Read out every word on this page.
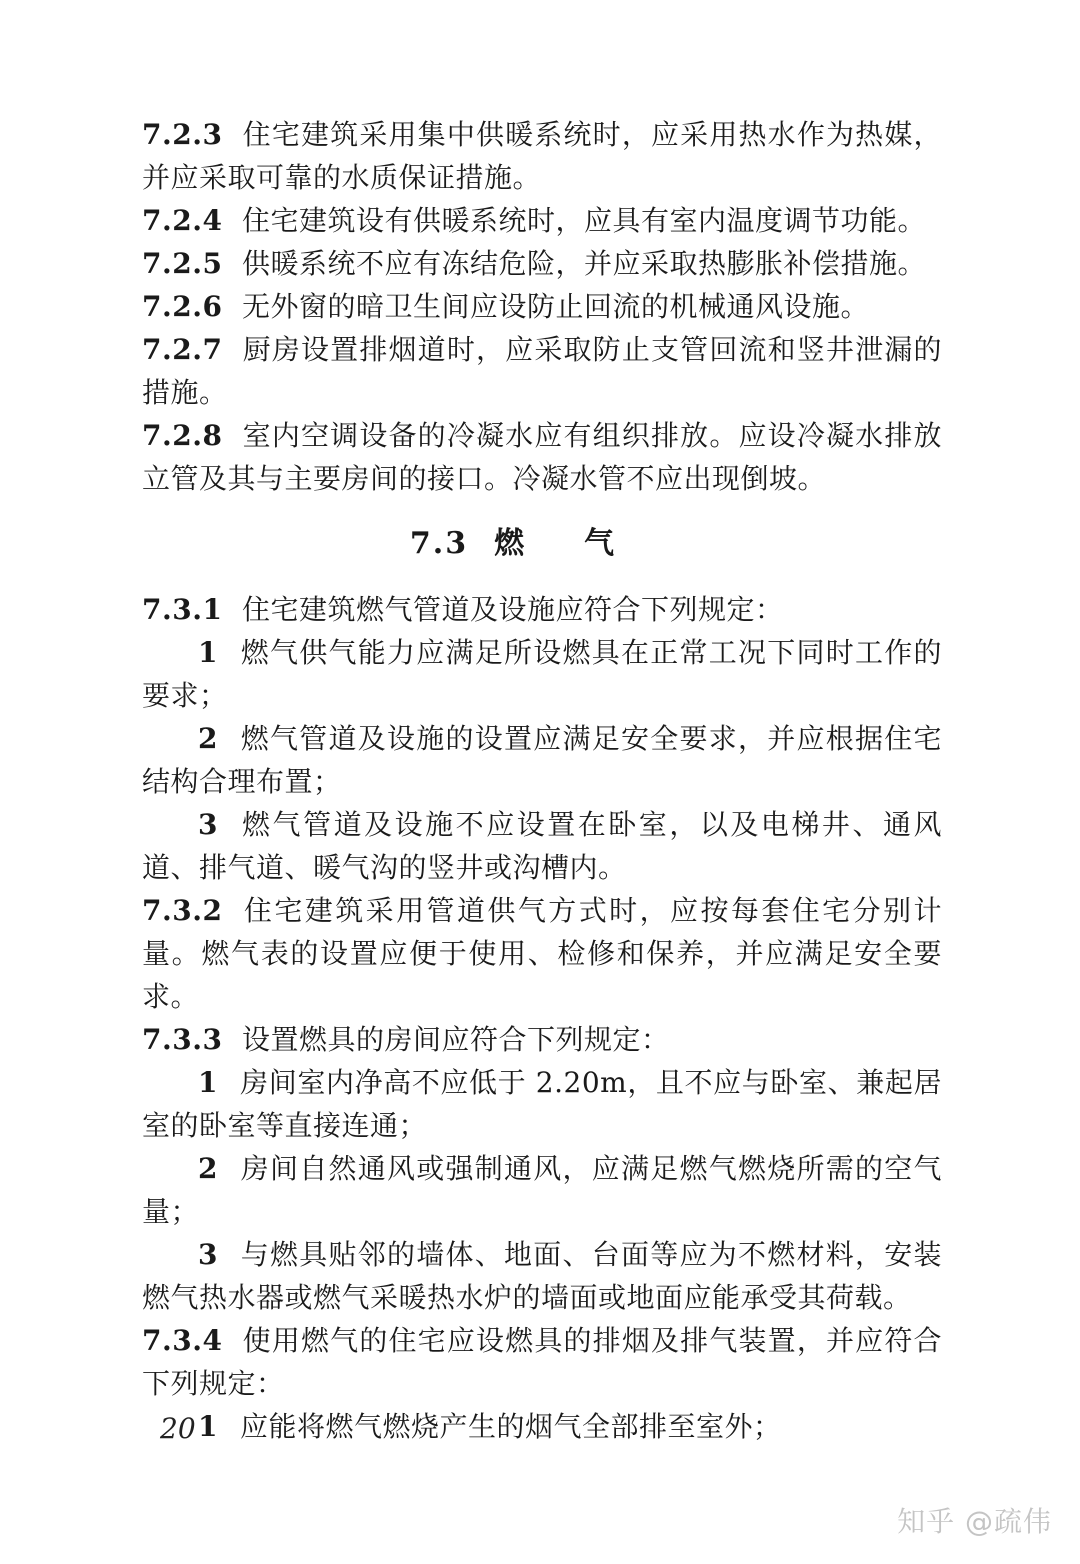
7.2.3 住宅建筑采用集中供暖系统时，应采用热水作为热媒，并应采取可靠的水质保证措施。

7.2.4 住宅建筑设有供暖系统时，应具有室内温度调节功能。

7.2.5 供暖系统不应有冻结危险，并应采取热膨胀补偿措施。

7.2.6 无外窗的暗卫生间应设防止回流的机械通风设施。

7.2.7 厨房设置排烟道时，应采取防止支管回流和竖井泄漏的措施。

7.2.8 室内空调设备的冷凝水应有组织排放。应设冷凝水排放立管及其与主要房间的接口。冷凝水管不应出现倒坡。

7.3 燃气

7.3.1 住宅建筑燃气管道及设施应符合下列规定：

1 燃气供气能力应满足所设燃具在正常工况下同时工作的要求；

2 燃气管道及设施的设置应满足安全要求，并应根据住宅结构合理布置；

3 燃气管道及设施不应设置在卧室，以及电梯井、通风道、排气道、暖气沟的竖井或沟槽内。

7.3.2 住宅建筑采用管道供气方式时，应按每套住宅分别计量。燃气表的设置应便于使用、检修和保养，并应满足安全要求。

7.3.3 设置燃具的房间应符合下列规定：

1 房间室内净高不应低于 2.20m，且不应与卧室、兼起居室的卧室等直接连通；

2 房间自然通风或强制通风，应满足燃气燃烧所需的空气量；

3 与燃具贴邻的墙体、地面、台面等应为不燃材料，安装燃气热水器或燃气采暖热水炉的墙面或地面应能承受其荷载。

7.3.4 使用燃气的住宅应设燃具的排烟及排气装置，并应符合下列规定：

1 应能将燃气燃烧产生的烟气全部排至室外；

20
知乎 @疏伟
